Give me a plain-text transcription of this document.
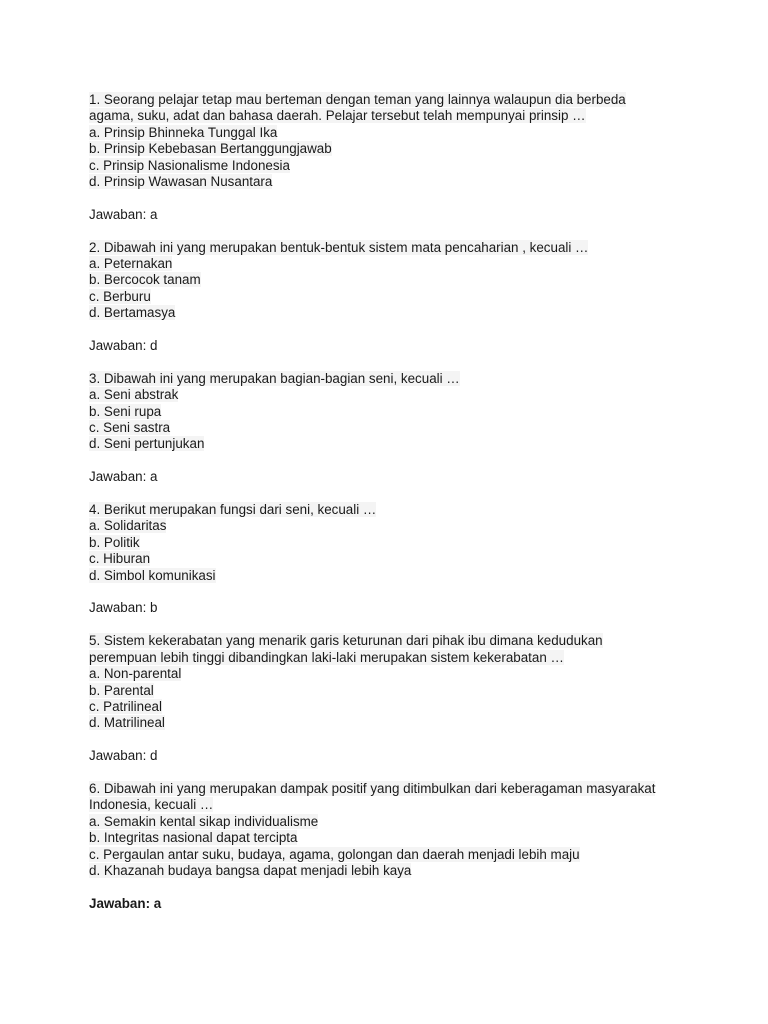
1. Seorang pelajar tetap mau berteman dengan teman yang lainnya walaupun dia berbeda
agama, suku, adat dan bahasa daerah. Pelajar tersebut telah mempunyai prinsip …
a. Prinsip Bhinneka Tunggal Ika
b. Prinsip Kebebasan Bertanggungjawab
c. Prinsip Nasionalisme Indonesia
d. Prinsip Wawasan Nusantara
Jawaban: a
2. Dibawah ini yang merupakan bentuk-bentuk sistem mata pencaharian , kecuali …
a. Peternakan
b. Bercocok tanam
c. Berburu
d. Bertamasya
Jawaban: d
3. Dibawah ini yang merupakan bagian-bagian seni, kecuali …
a. Seni abstrak
b. Seni rupa
c. Seni sastra
d. Seni pertunjukan
Jawaban: a
4. Berikut merupakan fungsi dari seni, kecuali …
a. Solidaritas
b. Politik
c. Hiburan
d. Simbol komunikasi
Jawaban: b
5. Sistem kekerabatan yang menarik garis keturunan dari pihak ibu dimana kedudukan
perempuan lebih tinggi dibandingkan laki-laki merupakan sistem kekerabatan …
a. Non-parental
b. Parental
c. Patrilineal
d. Matrilineal
Jawaban: d
6. Dibawah ini yang merupakan dampak positif yang ditimbulkan dari keberagaman masyarakat
Indonesia, kecuali …
a. Semakin kental sikap individualisme
b. Integritas nasional dapat tercipta
c. Pergaulan antar suku, budaya, agama, golongan dan daerah menjadi lebih maju
d. Khazanah budaya bangsa dapat menjadi lebih kaya
Jawaban: a
